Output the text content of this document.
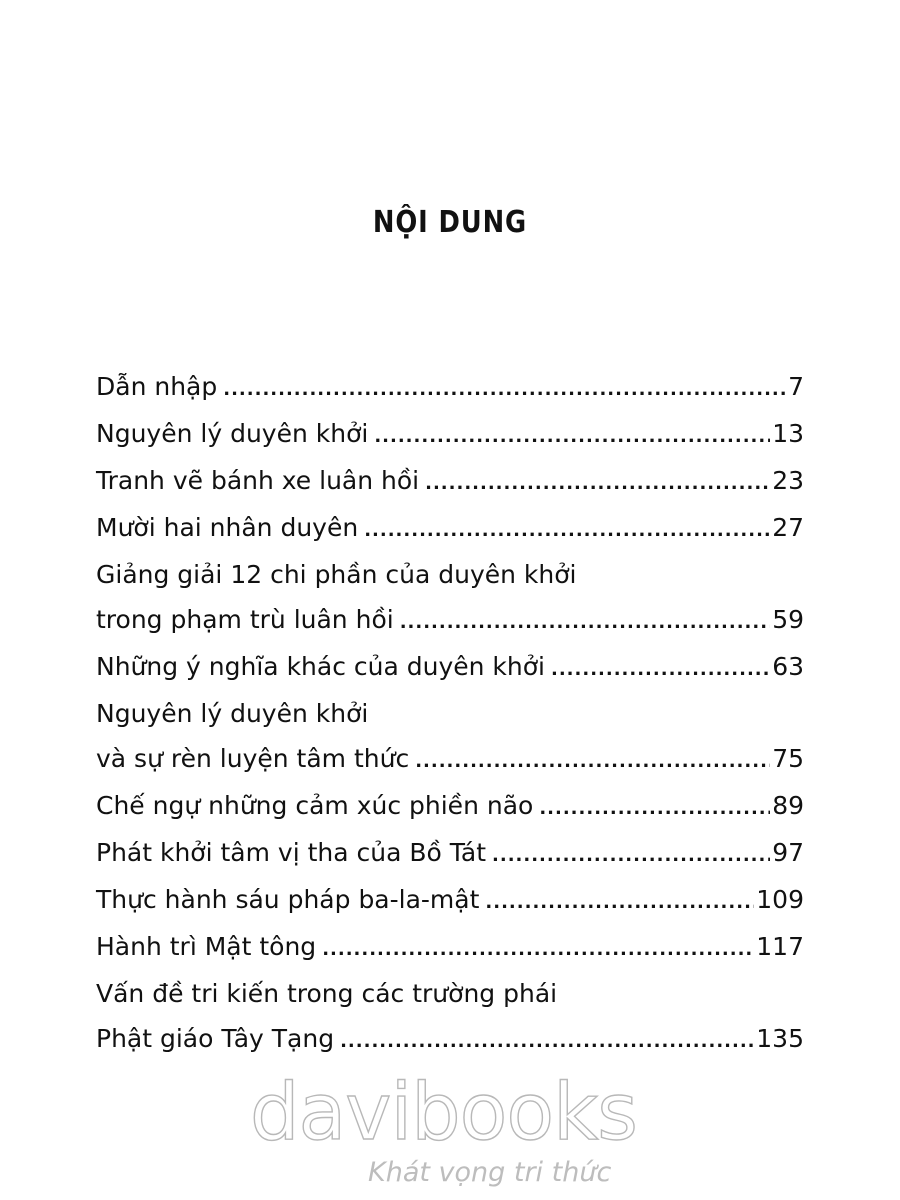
NỘI DUNG
Dẫn nhập .....	7
Nguyên lý duyên khởi .....	13
Tranh vẽ bánh xe luân hồi .....	23
Mười hai nhân duyên .....	27
Giảng giải 12 chi phần của duyên khởi
trong phạm trù luân hồi .....	59
Những ý nghĩa khác của duyên khởi .....	63
Nguyên lý duyên khởi
và sự rèn luyện tâm thức .....	75
Chế ngự những cảm xúc phiền não .....	89
Phát khởi tâm vị tha của Bồ Tát .....	97
Thực hành sáu pháp ba-la-mật .....	109
Hành trì Mật tông .....	117
Vấn đề tri kiến trong các trường phái
Phật giáo Tây Tạng .....	135
davibooks
Khát vọng tri thức
